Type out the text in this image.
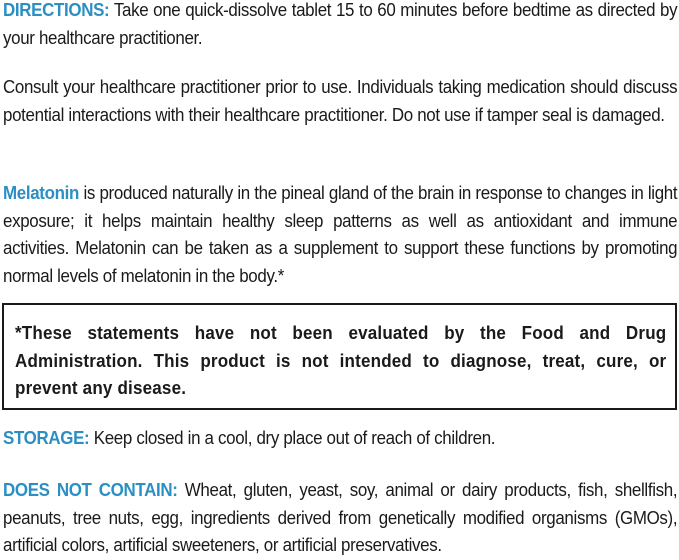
DIRECTIONS: Take one quick-dissolve tablet 15 to 60 minutes before bedtime as directed by your healthcare practitioner.

Consult your healthcare practitioner prior to use. Individuals taking medication should discuss potential interactions with their healthcare practitioner. Do not use if tamper seal is damaged.

Melatonin is produced naturally in the pineal gland of the brain in response to changes in light exposure; it helps maintain healthy sleep patterns as well as antioxidant and immune activities. Melatonin can be taken as a supplement to support these functions by promoting normal levels of melatonin in the body.*

*These statements have not been evaluated by the Food and Drug Administration. This product is not intended to diagnose, treat, cure, or prevent any disease.

STORAGE: Keep closed in a cool, dry place out of reach of children.

DOES NOT CONTAIN: Wheat, gluten, yeast, soy, animal or dairy products, fish, shellfish, peanuts, tree nuts, egg, ingredients derived from genetically modified organisms (GMOs), artificial colors, artificial sweeteners, or artificial preservatives.
